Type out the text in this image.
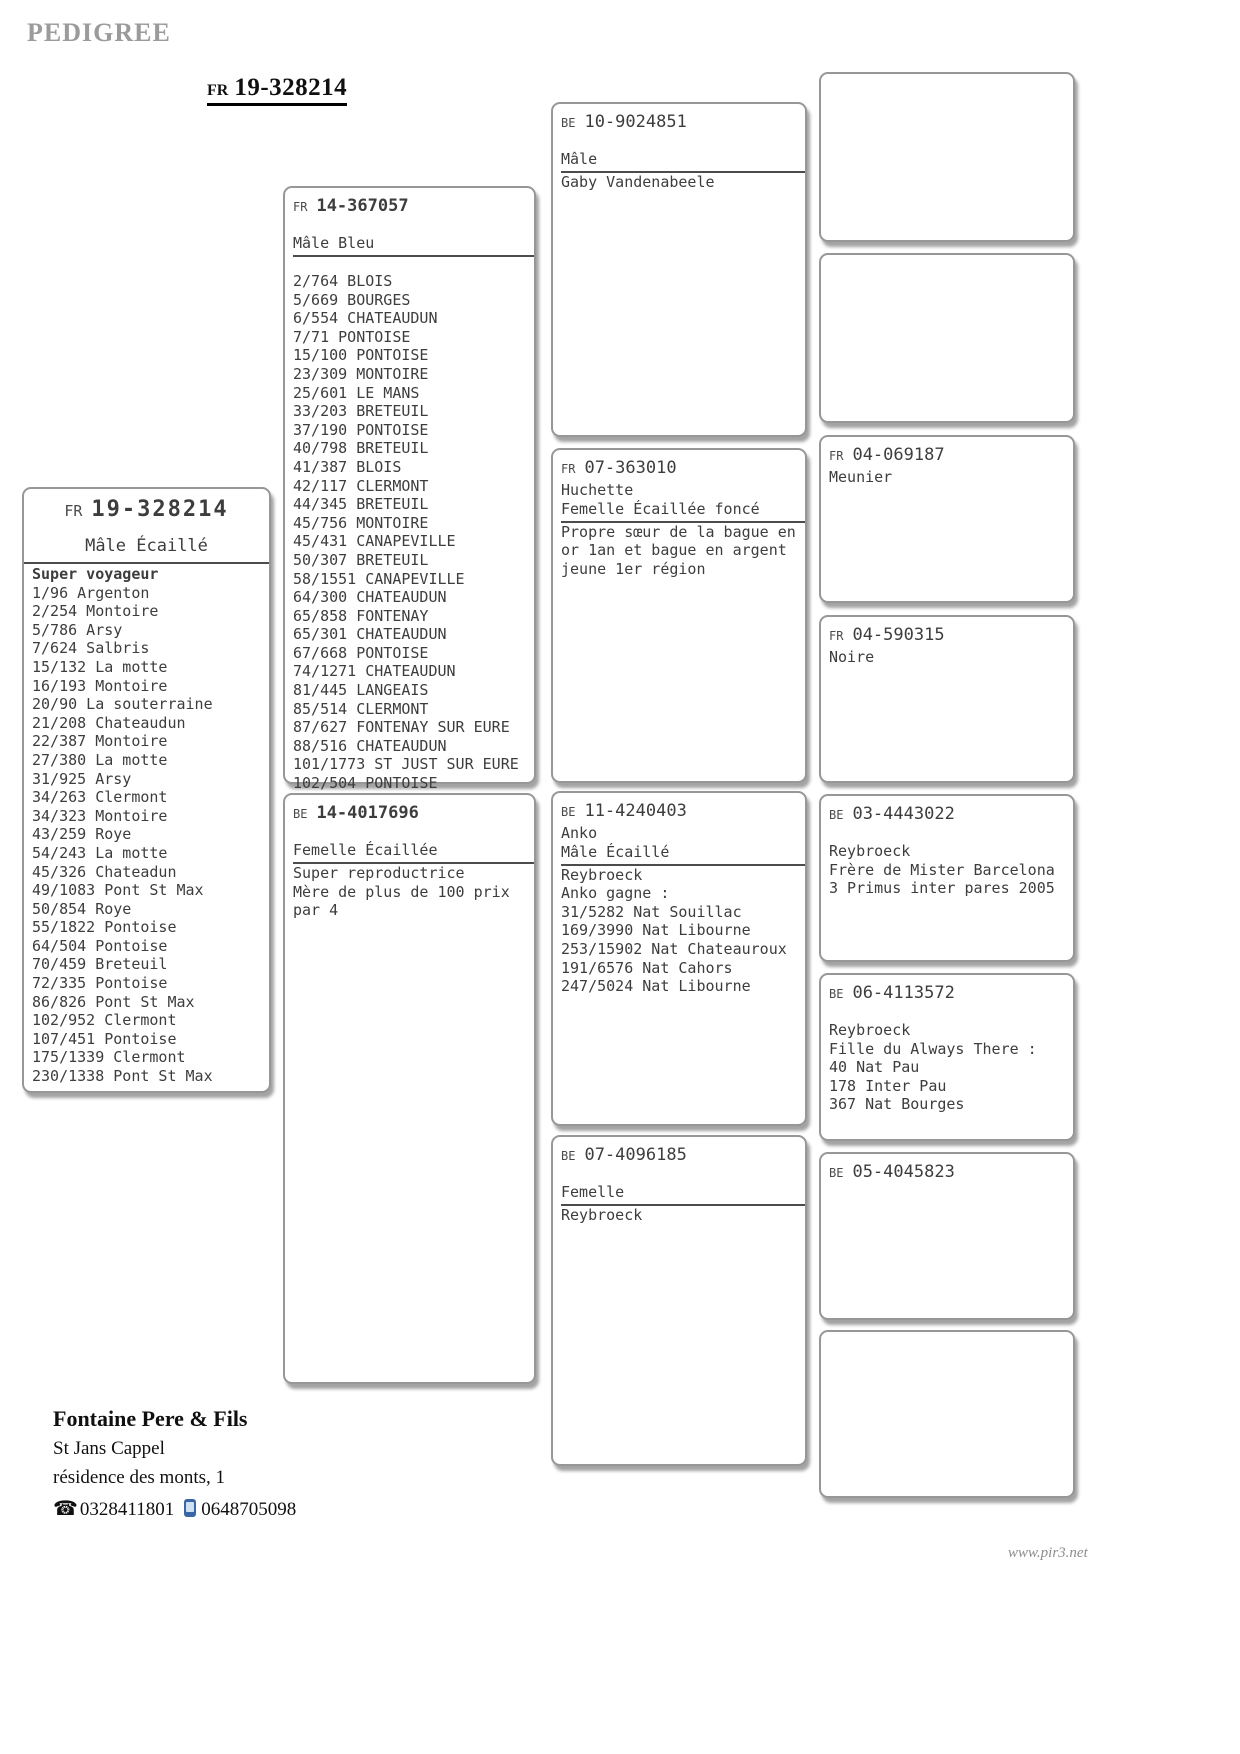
PEDIGREE
FR 19-328214
FR 19-328214
Mâle Écaillé
Super voyageur
1/96 Argenton
2/254 Montoire
5/786 Arsy
7/624 Salbris
15/132 La motte
16/193 Montoire
20/90 La souterraine
21/208 Chateaudun
22/387 Montoire
27/380 La motte
31/925 Arsy
34/263 Clermont
34/323 Montoire
43/259 Roye
54/243 La motte
45/326 Chateadun
49/1083 Pont St Max
50/854 Roye
55/1822 Pontoise
64/504 Pontoise
70/459 Breteuil
72/335 Pontoise
86/826 Pont St Max
102/952 Clermont
107/451 Pontoise
175/1339 Clermont
230/1338 Pont St Max
FR 14-367057
Mâle Bleu
2/764 BLOIS
5/669 BOURGES
6/554 CHATEAUDUN
7/71 PONTOISE
15/100 PONTOISE
23/309 MONTOIRE
25/601 LE MANS
33/203 BRETEUIL
37/190 PONTOISE
40/798 BRETEUIL
41/387 BLOIS
42/117 CLERMONT
44/345 BRETEUIL
45/756 MONTOIRE
45/431 CANAPEVILLE
50/307 BRETEUIL
58/1551 CANAPEVILLE
64/300 CHATEAUDUN
65/858 FONTENAY
65/301 CHATEAUDUN
67/668 PONTOISE
74/1271 CHATEAUDUN
81/445 LANGEAIS
85/514 CLERMONT
87/627 FONTENAY SUR EURE
88/516 CHATEAUDUN
101/1773 ST JUST SUR EURE
102/504 PONTOISE
BE 14-4017696
Femelle Écaillée
Super reproductrice
Mère de plus de 100 prix
par 4
BE 10-9024851
Mâle
Gaby Vandenabeele
FR 07-363010
Huchette
Femelle Écaillée foncé
Propre sœur de la bague en
or 1an et bague en argent
jeune 1er région
BE 11-4240403
Anko
Mâle Écaillé
Reybroeck
Anko gagne :
31/5282 Nat Souillac
169/3990 Nat Libourne
253/15902 Nat Chateauroux
191/6576 Nat Cahors
247/5024 Nat Libourne
BE 07-4096185
Femelle
Reybroeck
FR 04-069187
Meunier
FR 04-590315
Noire
BE 03-4443022
Reybroeck
Frère de Mister Barcelona
3 Primus inter pares 2005
BE 06-4113572
Reybroeck
Fille du Always There :
40 Nat Pau
178 Inter Pau
367 Nat Bourges
BE 05-4045823
Fontaine Pere & Fils
St Jans Cappel
résidence des monts, 1
☎ 0328411801 0648705098
www.pir3.net
